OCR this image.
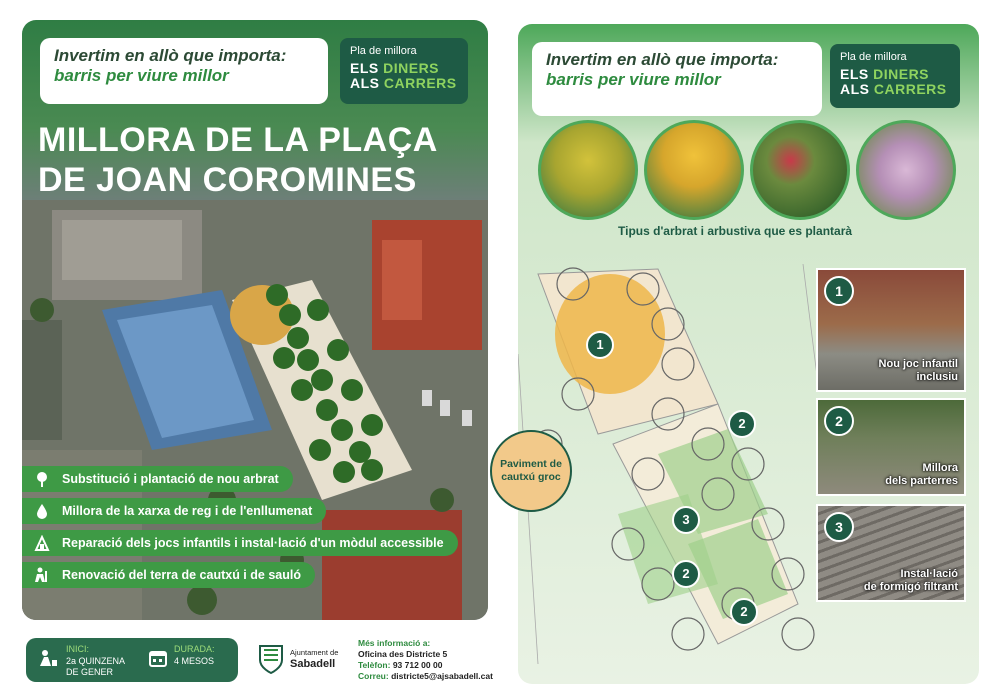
Invertim en allò que importa:
barris per viure millor
Pla de millora
ELS DINERS
ALS CARRERS
MILLORA DE LA PLAÇA
DE JOAN COROMINES
Substitució i plantació de nou arbrat
Millora de la xarxa de reg i de l'enllumenat
Reparació dels jocs infantils i instal·lació d'un mòdul accessible
Renovació del terra de cautxú i de sauló
INICI:
2a QUINZENA
DE GENER
DURADA:
4 MESOS
Ajuntament de
Sabadell
Més informació a:
Oficina des Districte 5
Telèfon: 93 712 00 00
Correu: districte5@ajsabadell.cat
Invertim en allò que importa:
barris per viure millor
Pla de millora
ELS DINERS
ALS CARRERS
Tipus d'arbrat i arbustiva que es plantarà
1
2
3
2
2
1
Nou joc infantil
inclusiu
2
Millora
dels parterres
3
Instal·lació
de formigó filtrant
Paviment de cautxú groc
